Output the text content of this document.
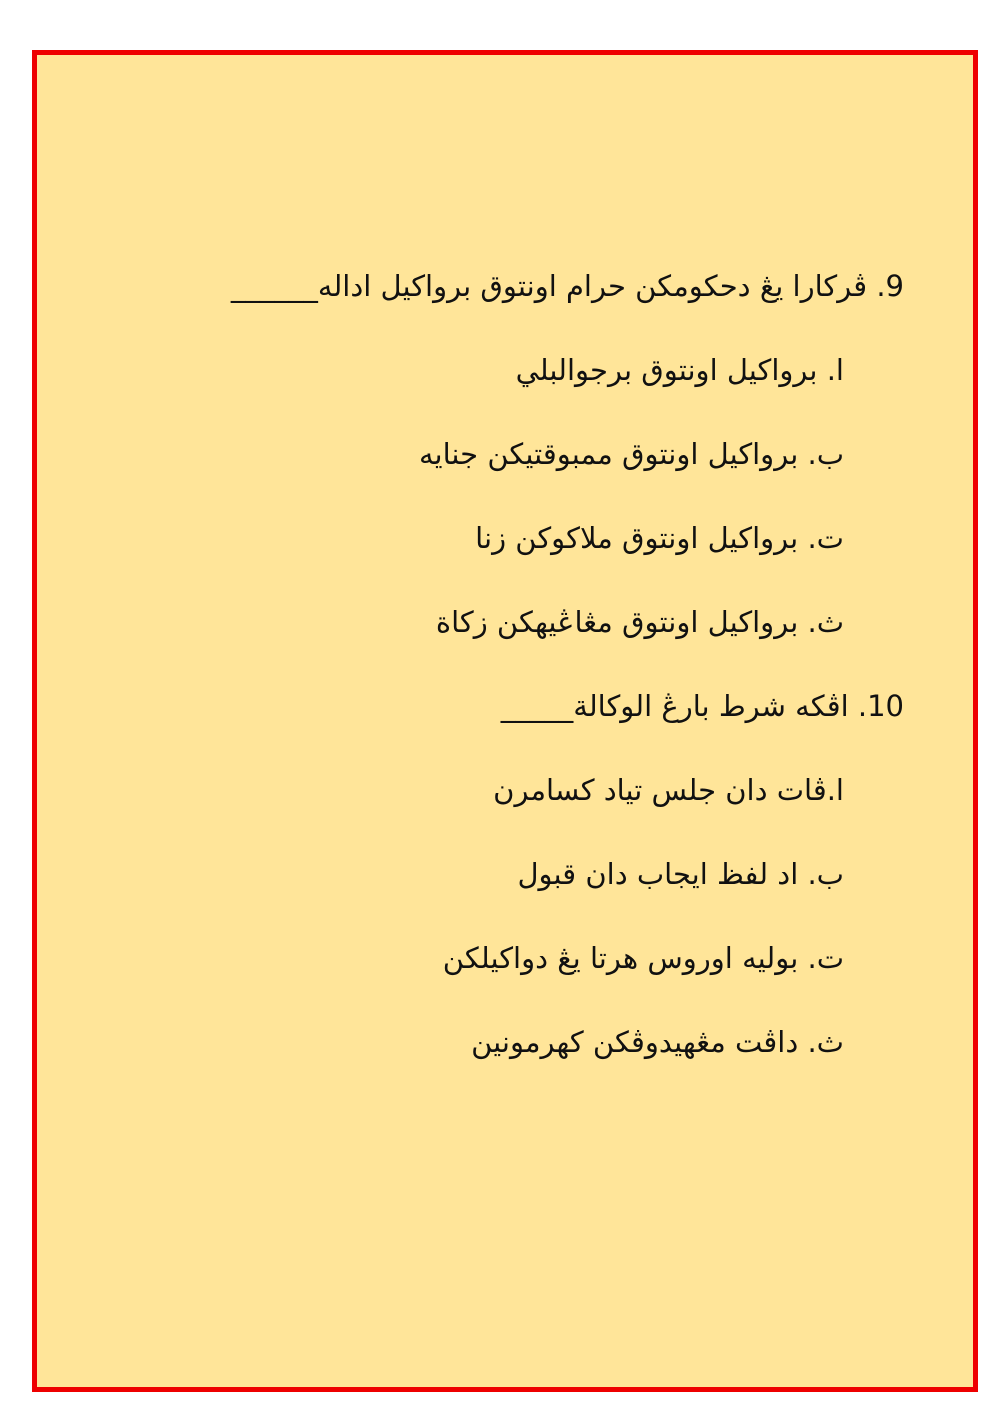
9. ڤركارا يڠ دحكومكن حرام اونتوق برواكيل اداله______
ا. برواكيل اونتوق برجوالبلي
ب. برواكيل اونتوق ممبوقتيكن جنايه
ت. برواكيل اونتوق ملاكوكن زنا
ث. برواكيل اونتوق مڠاڠيهكن زكاة
10. اڤكه شرط بارڠ الوكالة_____
ا.ڤات دان جلس تياد كسامرن
ب. اد لفظ ايجاب دان قبول
ت. بوليه اوروس هرتا يڠ دواكيلكن
ث. داڤت مڠهيدوڤكن كهرمونين
